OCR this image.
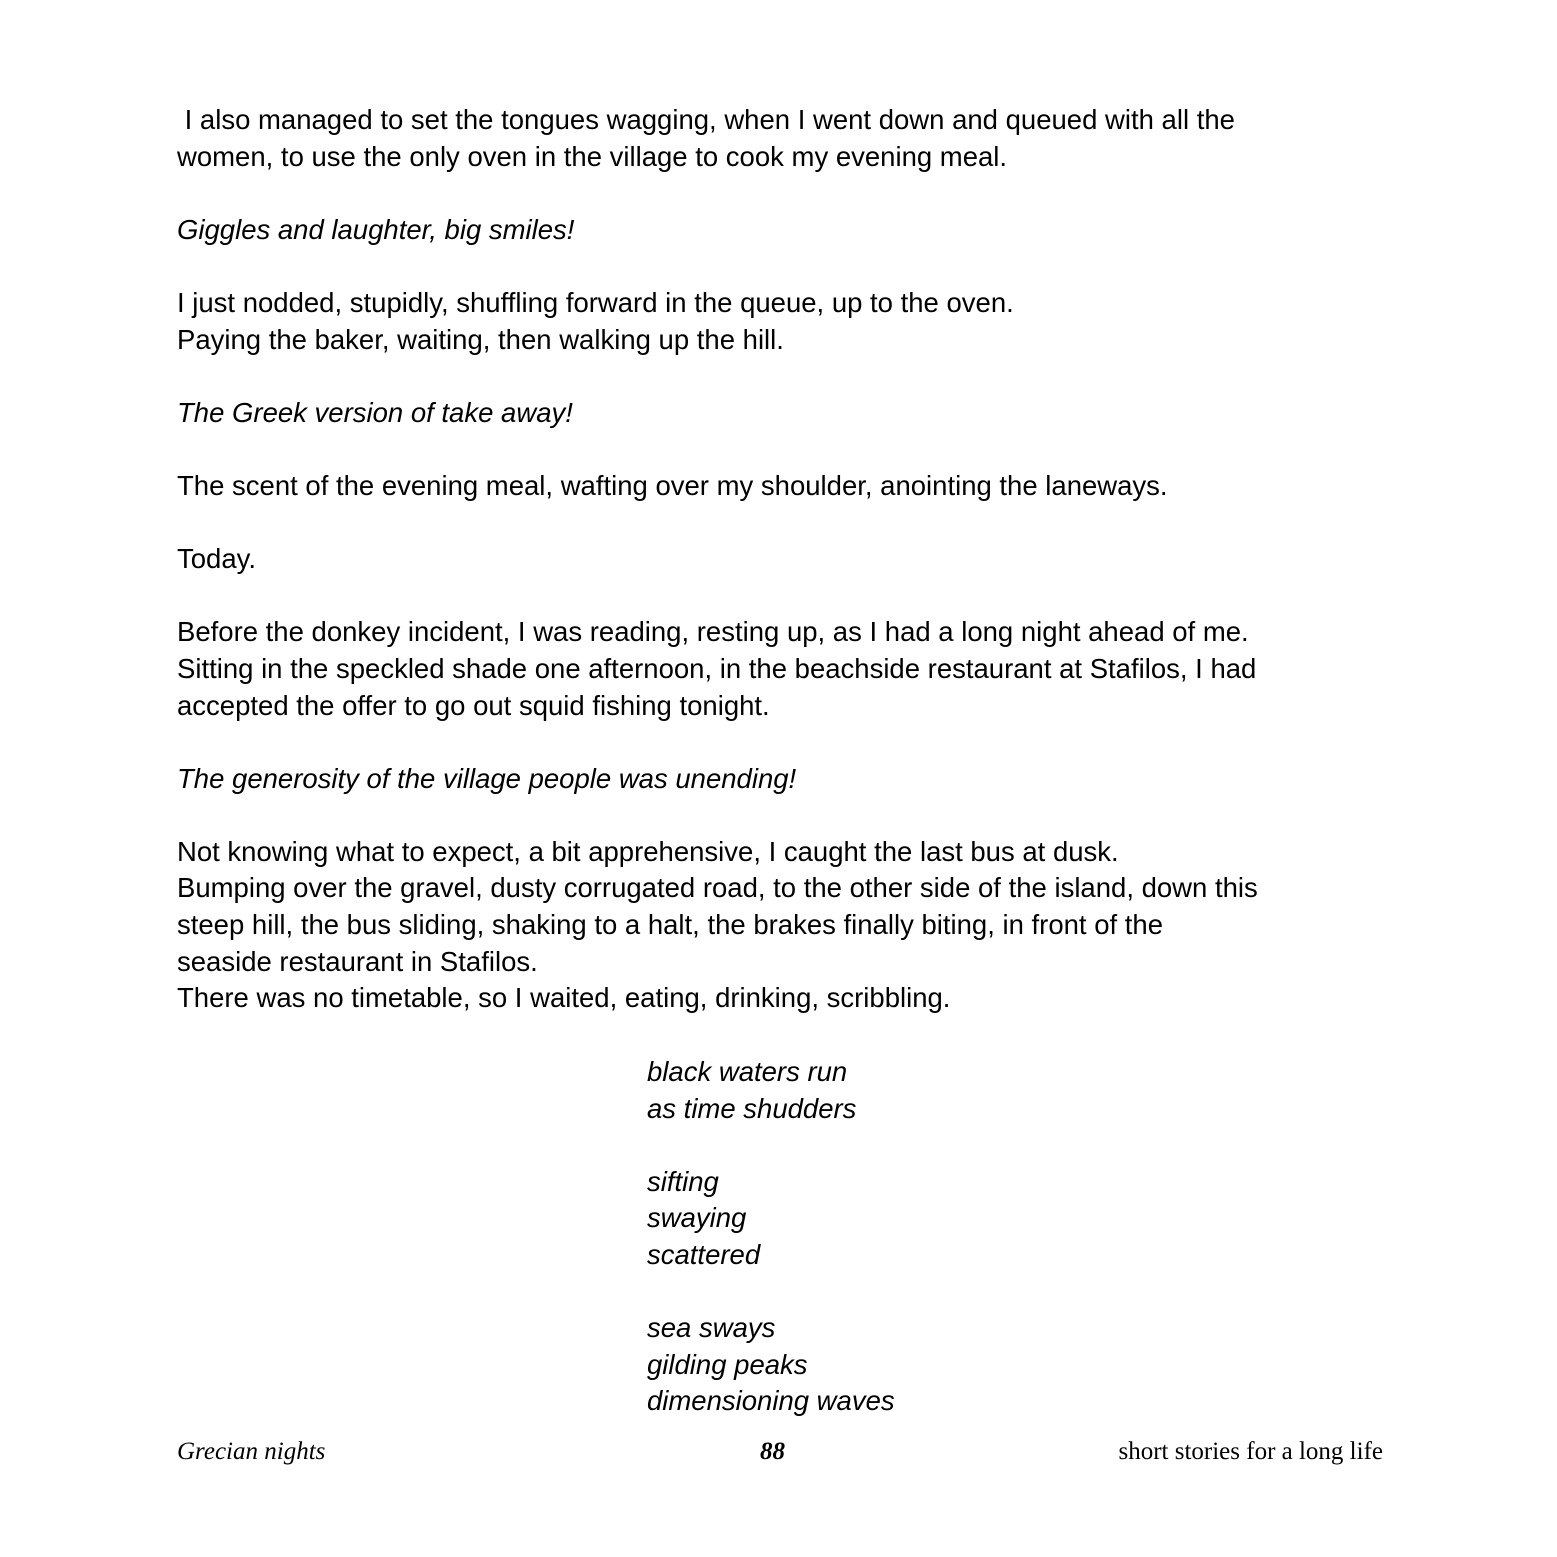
I also managed to set the tongues wagging, when I went down and queued with all the
women, to use the only oven in the village to cook my evening meal.
Giggles and laughter, big smiles!
I just nodded, stupidly, shuffling forward in the queue, up to the oven.
Paying the baker, waiting, then walking up the hill.
The Greek version of take away!
The scent of the evening meal, wafting over my shoulder, anointing the laneways.
Today.
Before the donkey incident, I was reading, resting up, as I had a long night ahead of me.
Sitting in the speckled shade one afternoon, in the beachside restaurant at Stafilos, I had
accepted the offer to go out squid fishing tonight.
The generosity of the village people was unending!
Not knowing what to expect, a bit apprehensive, I caught the last bus at dusk.
Bumping over the gravel, dusty corrugated road, to the other side of the island, down this
steep hill, the bus sliding, shaking to a halt, the brakes finally biting, in front of the
seaside restaurant in Stafilos.
There was no timetable, so I waited, eating, drinking, scribbling.
black waters run
as time shudders
sifting
swaying
scattered
sea sways
gilding peaks
dimensioning waves
Grecian nights	88	short stories for a long life
